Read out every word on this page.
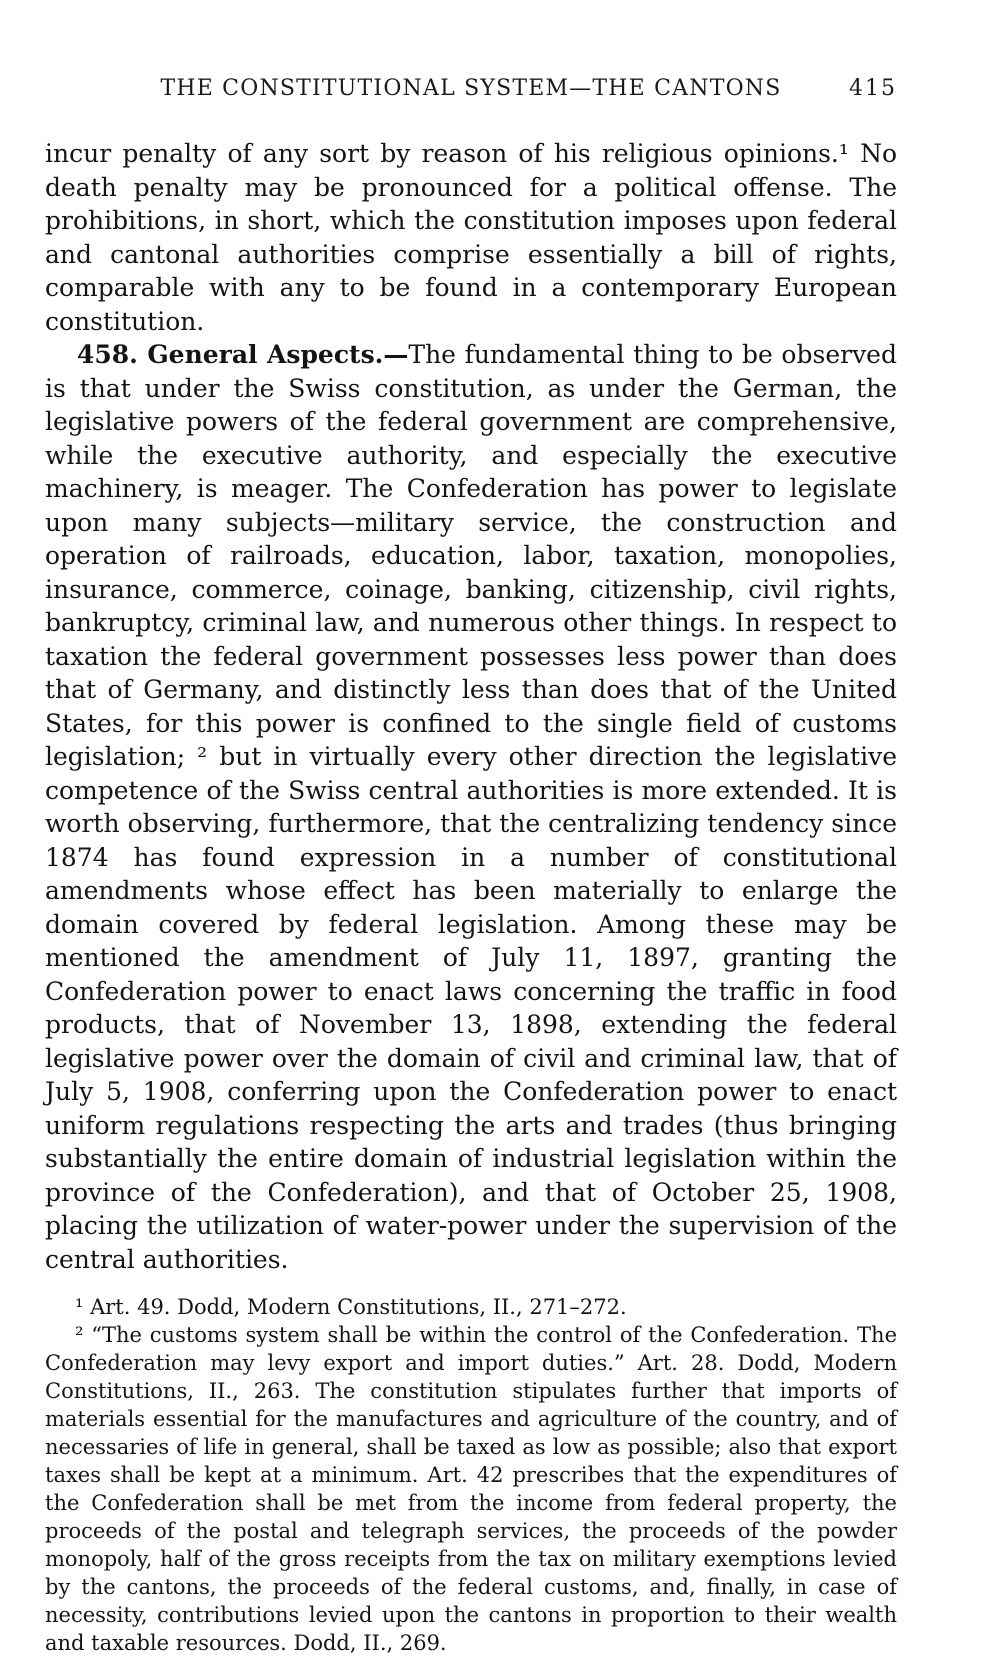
THE CONSTITUTIONAL SYSTEM—THE CANTONS	415

incur penalty of any sort by reason of his religious opinions.¹ No death penalty may be pronounced for a political offense. The prohibitions, in short, which the constitution imposes upon federal and cantonal authorities comprise essentially a bill of rights, comparable with any to be found in a contemporary European constitution.

458. General Aspects.—The fundamental thing to be observed is that under the Swiss constitution, as under the German, the legislative powers of the federal government are comprehensive, while the executive authority, and especially the executive machinery, is meager. The Confederation has power to legislate upon many subjects—military service, the construction and operation of railroads, education, labor, taxation, monopolies, insurance, commerce, coinage, banking, citizenship, civil rights, bankruptcy, criminal law, and numerous other things. In respect to taxation the federal government possesses less power than does that of Germany, and distinctly less than does that of the United States, for this power is confined to the single field of customs legislation; ² but in virtually every other direction the legislative competence of the Swiss central authorities is more extended. It is worth observing, furthermore, that the centralizing tendency since 1874 has found expression in a number of constitutional amendments whose effect has been materially to enlarge the domain covered by federal legislation. Among these may be mentioned the amendment of July 11, 1897, granting the Confederation power to enact laws concerning the traffic in food products, that of November 13, 1898, extending the federal legislative power over the domain of civil and criminal law, that of July 5, 1908, conferring upon the Confederation power to enact uniform regulations respecting the arts and trades (thus bringing substantially the entire domain of industrial legislation within the province of the Confederation), and that of October 25, 1908, placing the utilization of water-power under the supervision of the central authorities.

¹ Art. 49. Dodd, Modern Constitutions, II., 271–272.

² “The customs system shall be within the control of the Confederation. The Confederation may levy export and import duties.” Art. 28. Dodd, Modern Constitutions, II., 263. The constitution stipulates further that imports of materials essential for the manufactures and agriculture of the country, and of necessaries of life in general, shall be taxed as low as possible; also that export taxes shall be kept at a minimum. Art. 42 prescribes that the expenditures of the Confederation shall be met from the income from federal property, the proceeds of the postal and telegraph services, the proceeds of the powder monopoly, half of the gross receipts from the tax on military exemptions levied by the cantons, the proceeds of the federal customs, and, finally, in case of necessity, contributions levied upon the cantons in proportion to their wealth and taxable resources. Dodd, II., 269.
